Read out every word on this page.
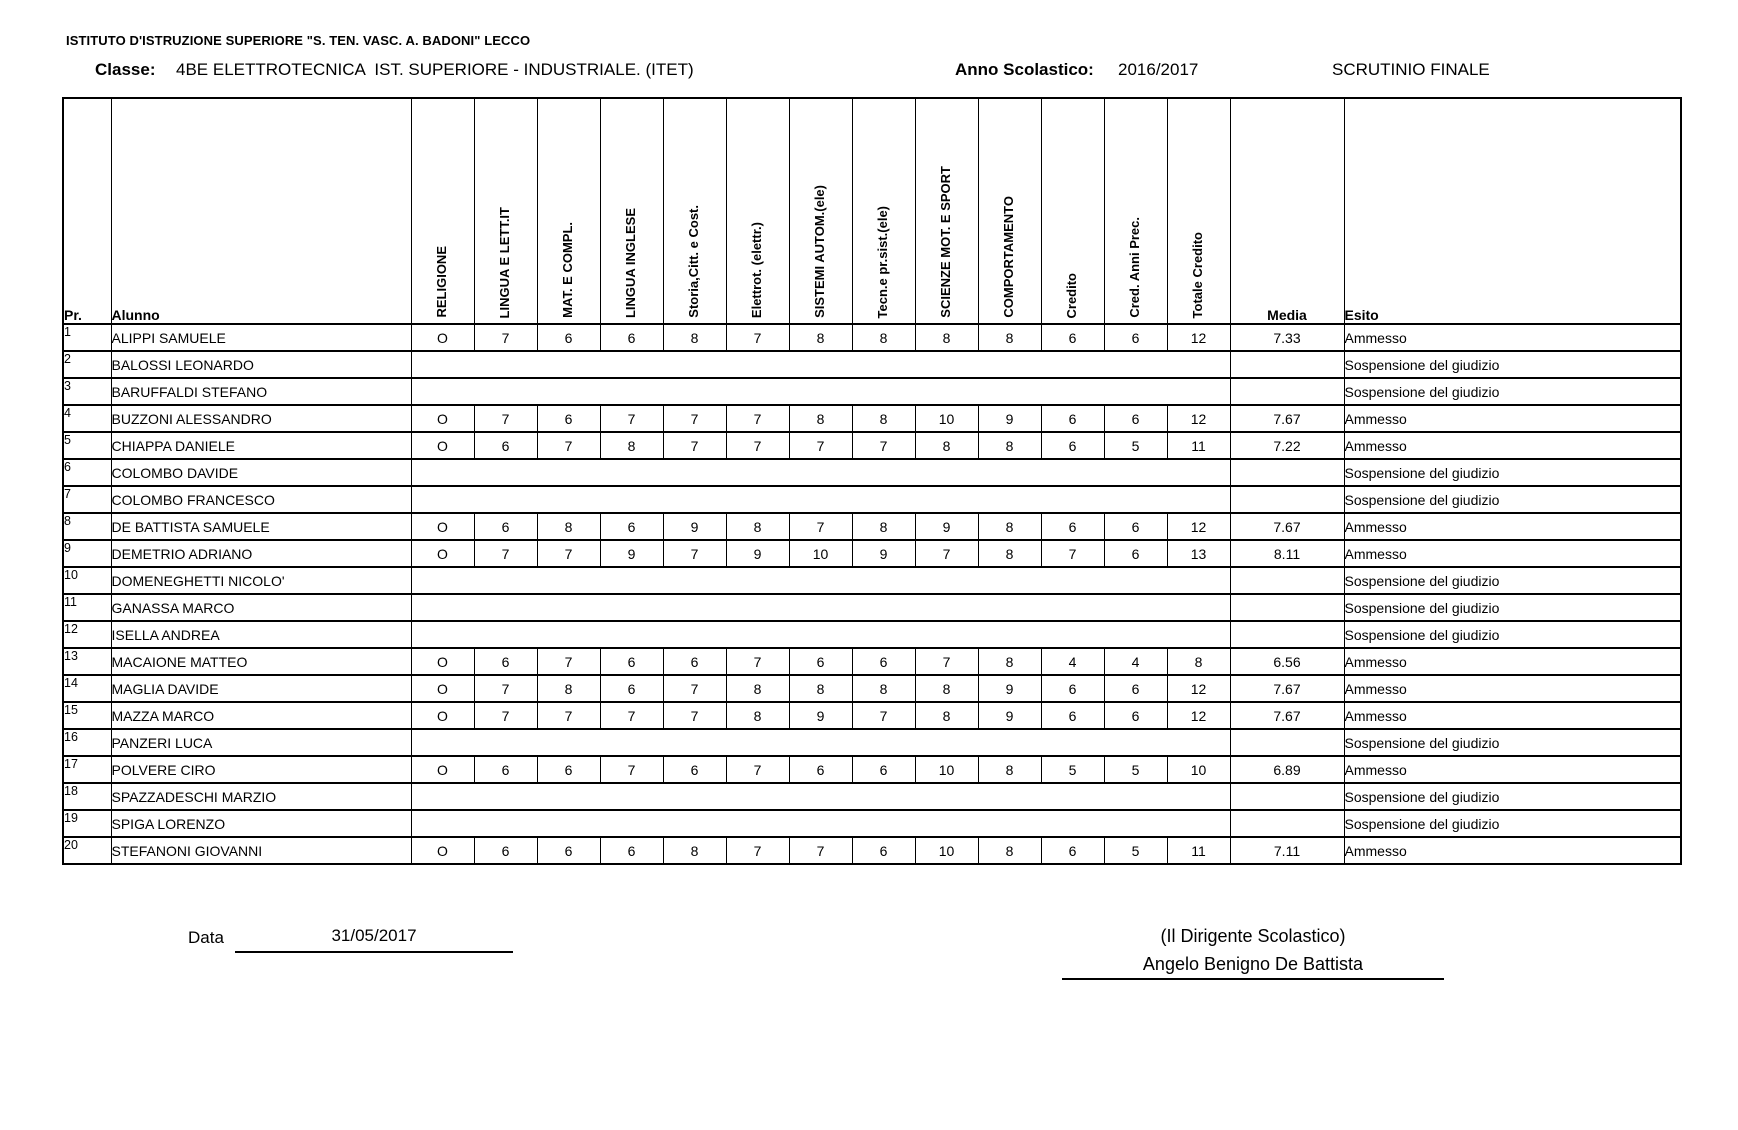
ISTITUTO D'ISTRUZIONE SUPERIORE "S. TEN. VASC. A. BADONI" LECCO
Classe: 4BE ELETTROTECNICA  IST. SUPERIORE - INDUSTRIALE. (ITET)	Anno Scolastico: 2016/2017	SCRUTINIO FINALE
Pr.	Alunno	RELIGIONE	LINGUA E LETT.IT	MAT. E COMPL.	LINGUA INGLESE	Storia,Citt. e Cost.	Elettrot. (elettr.)	SISTEMI AUTOM.(ele)	Tecn.e pr.sist.(ele)	SCIENZE MOT. E SPORT	COMPORTAMENTO	Credito	Cred. Anni Prec.	Totale Credito	Media	Esito
1	ALIPPI SAMUELE	O	7	6	6	8	7	8	8	8	8	6	6	12	7.33	Ammesso
2	BALOSSI LEONARDO															Sospensione del giudizio
3	BARUFFALDI STEFANO															Sospensione del giudizio
4	BUZZONI ALESSANDRO	O	7	6	7	7	7	8	8	10	9	6	6	12	7.67	Ammesso
5	CHIAPPA DANIELE	O	6	7	8	7	7	7	7	8	8	6	5	11	7.22	Ammesso
6	COLOMBO DAVIDE															Sospensione del giudizio
7	COLOMBO FRANCESCO															Sospensione del giudizio
8	DE BATTISTA SAMUELE	O	6	8	6	9	8	7	8	9	8	6	6	12	7.67	Ammesso
9	DEMETRIO ADRIANO	O	7	7	9	7	9	10	9	7	8	7	6	13	8.11	Ammesso
10	DOMENEGHETTI NICOLO'															Sospensione del giudizio
11	GANASSA MARCO															Sospensione del giudizio
12	ISELLA ANDREA															Sospensione del giudizio
13	MACAIONE MATTEO	O	6	7	6	6	7	6	6	7	8	4	4	8	6.56	Ammesso
14	MAGLIA DAVIDE	O	7	8	6	7	8	8	8	8	9	6	6	12	7.67	Ammesso
15	MAZZA MARCO	O	7	7	7	7	8	9	7	8	9	6	6	12	7.67	Ammesso
16	PANZERI LUCA															Sospensione del giudizio
17	POLVERE CIRO	O	6	6	7	6	7	6	6	10	8	5	5	10	6.89	Ammesso
18	SPAZZADESCHI MARZIO															Sospensione del giudizio
19	SPIGA LORENZO															Sospensione del giudizio
20	STEFANONI GIOVANNI	O	6	6	6	8	7	7	6	10	8	6	5	11	7.11	Ammesso
Data	31/05/2017	(Il Dirigente Scolastico)
Angelo Benigno De Battista
